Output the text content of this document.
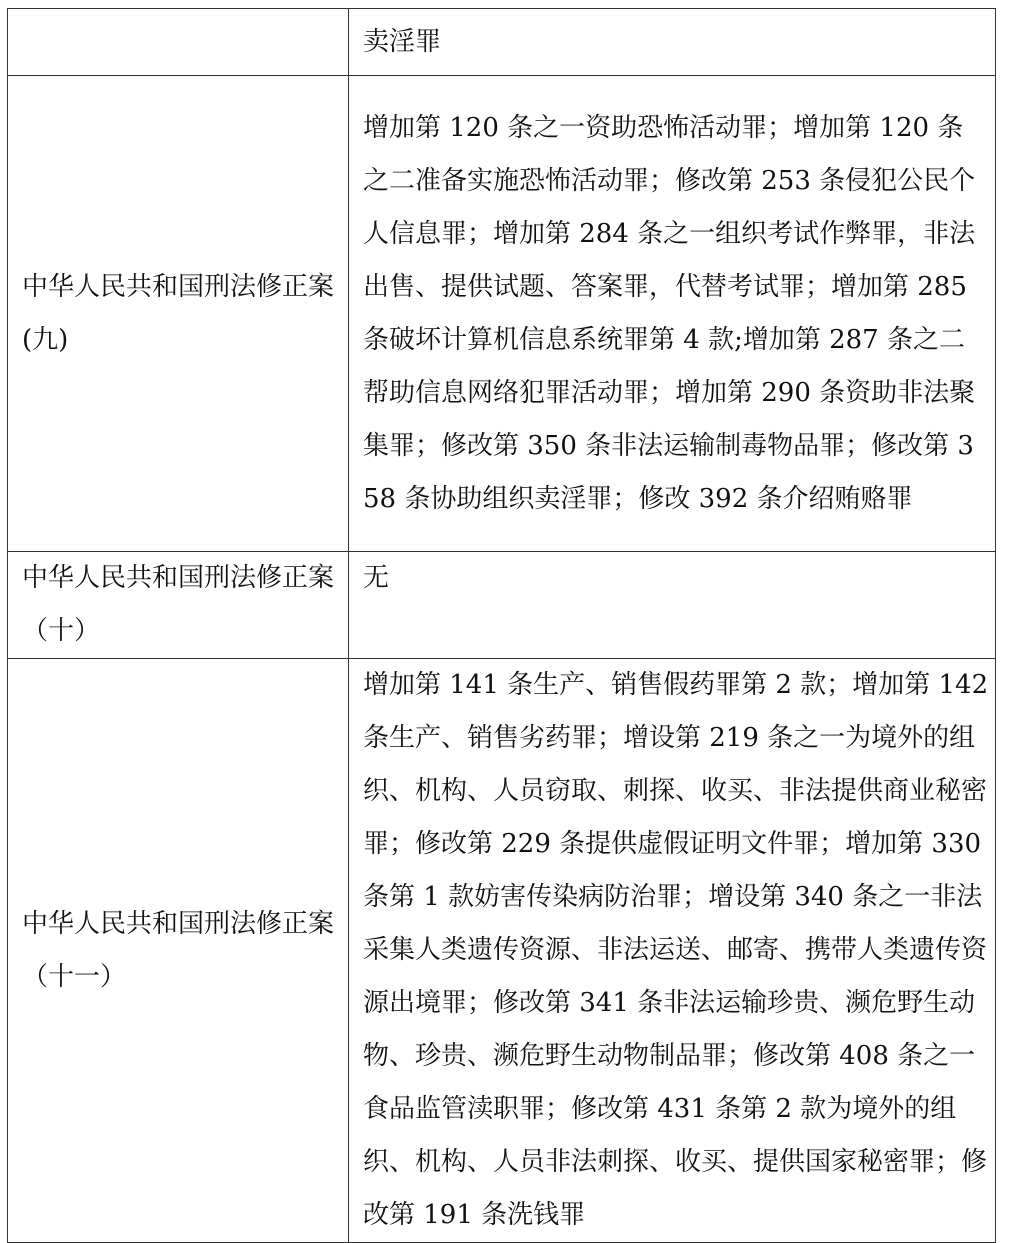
	卖淫罪
中华人民共和国刑法修正案(九)	增加第 120 条之一资助恐怖活动罪；增加第 120 条之二准备实施恐怖活动罪；修改第 253 条侵犯公民个人信息罪；增加第 284 条之一组织考试作弊罪，非法出售、提供试题、答案罪，代替考试罪；增加第 285 条破坏计算机信息系统罪第 4 款;增加第 287 条之二帮助信息网络犯罪活动罪；增加第 290 条资助非法聚集罪；修改第 350 条非法运输制毒物品罪；修改第 358 条协助组织卖淫罪；修改 392 条介绍贿赂罪
中华人民共和国刑法修正案（十）	无
中华人民共和国刑法修正案（十一）	增加第 141 条生产、销售假药罪第 2 款；增加第 142 条生产、销售劣药罪；增设第 219 条之一为境外的组织、机构、人员窃取、刺探、收买、非法提供商业秘密罪；修改第 229 条提供虚假证明文件罪；增加第 330 条第 1 款妨害传染病防治罪；增设第 340 条之一非法采集人类遗传资源、非法运送、邮寄、携带人类遗传资源出境罪；修改第 341 条非法运输珍贵、濒危野生动物、珍贵、濒危野生动物制品罪；修改第 408 条之一食品监管渎职罪；修改第 431 条第 2 款为境外的组织、机构、人员非法刺探、收买、提供国家秘密罪；修改第 191 条洗钱罪
